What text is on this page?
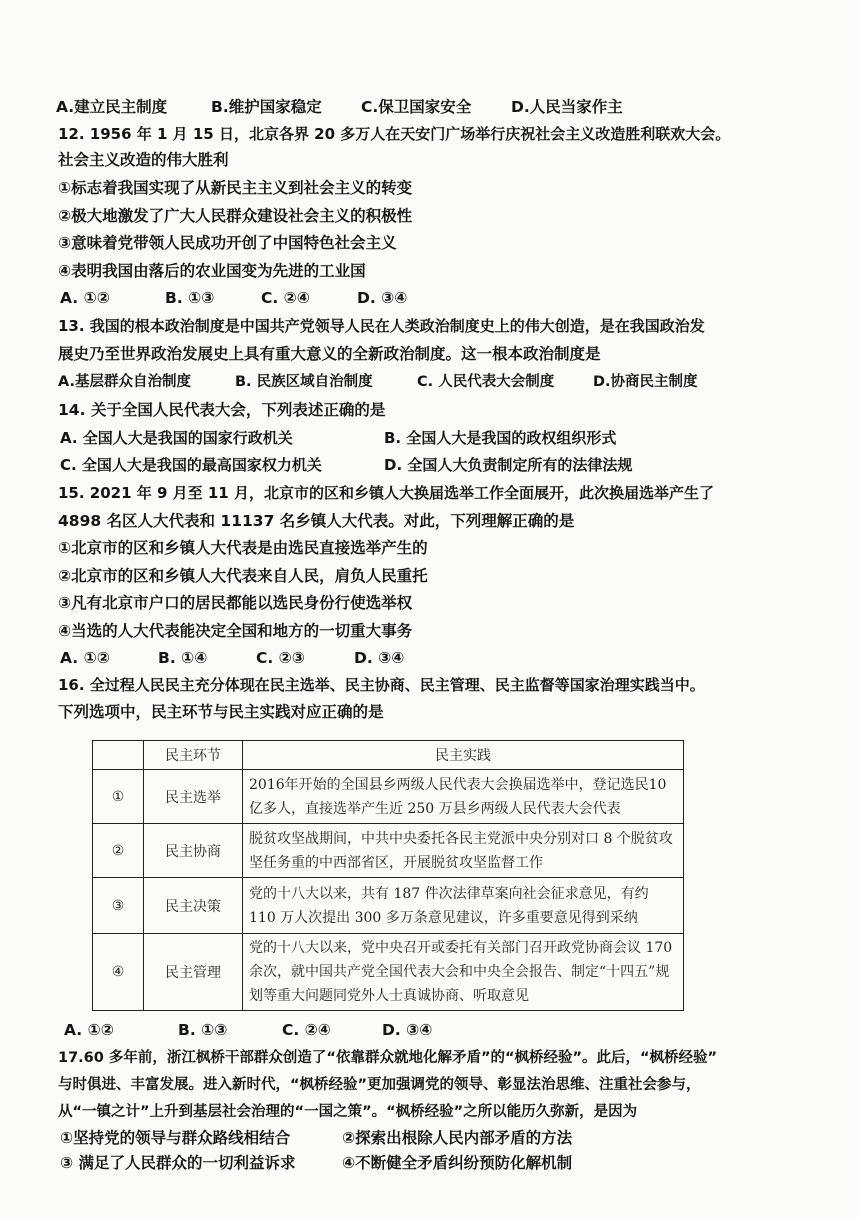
A.建立民主制度	B.维护国家稳定	C.保卫国家安全	D.人民当家作主
12. 1956 年 1 月 15 日，北京各界 20 多万人在天安门广场举行庆祝社会主义改造胜利联欢大会。
社会主义改造的伟大胜利
①标志着我国实现了从新民主主义到社会主义的转变
②极大地激发了广大人民群众建设社会主义的积极性
③意味着党带领人民成功开创了中国特色社会主义
④表明我国由落后的农业国变为先进的工业国
A. ①②	B. ①③	C. ②④	D. ③④
13. 我国的根本政治制度是中国共产党领导人民在人类政治制度史上的伟大创造，是在我国政治发
展史乃至世界政治发展史上具有重大意义的全新政治制度。这一根本政治制度是
A.基层群众自治制度	B. 民族区域自治制度	C. 人民代表大会制度	D.协商民主制度
14. 关于全国人民代表大会，下列表述正确的是
A. 全国人大是我国的国家行政机关	B. 全国人大是我国的政权组织形式
C. 全国人大是我国的最高国家权力机关	D. 全国人大负责制定所有的法律法规
15. 2021 年 9 月至 11 月，北京市的区和乡镇人大换届选举工作全面展开，此次换届选举产生了
4898 名区人大代表和 11137 名乡镇人大代表。对此，下列理解正确的是
①北京市的区和乡镇人大代表是由选民直接选举产生的
②北京市的区和乡镇人大代表来自人民，肩负人民重托
③凡有北京市户口的居民都能以选民身份行使选举权
④当选的人大代表能决定全国和地方的一切重大事务
A. ①②	B. ①④	C. ②③	D. ③④
16. 全过程人民民主充分体现在民主选举、民主协商、民主管理、民主监督等国家治理实践当中。
下列选项中，民主环节与民主实践对应正确的是
	民主环节	民主实践
①	民主选举	2016年开始的全国县乡两级人民代表大会换届选举中，登记选民10亿多人，直接选举产生近 250 万县乡两级人民代表大会代表
②	民主协商	脱贫攻坚战期间，中共中央委托各民主党派中央分别对口 8 个脱贫攻坚任务重的中西部省区，开展脱贫攻坚监督工作
③	民主决策	党的十八大以来，共有 187 件次法律草案向社会征求意见，有约 110 万人次提出 300 多万条意见建议，许多重要意见得到采纳
④	民主管理	党的十八大以来，党中央召开或委托有关部门召开政党协商会议 170 余次，就中国共产党全国代表大会和中央全会报告、制定“十四五”规划等重大问题同党外人士真诚协商、听取意见
A. ①②	B. ①③	C. ②④	D. ③④
17.60 多年前，浙江枫桥干部群众创造了“依靠群众就地化解矛盾”的“枫桥经验”。此后，“枫桥经验”
与时俱进、丰富发展。进入新时代，“枫桥经验”更加强调党的领导、彰显法治思维、注重社会参与，
从“一镇之计”上升到基层社会治理的“一国之策”。“枫桥经验”之所以能历久弥新，是因为
①坚持党的领导与群众路线相结合	②探索出根除人民内部矛盾的方法
③ 满足了人民群众的一切利益诉求	④不断健全矛盾纠纷预防化解机制
